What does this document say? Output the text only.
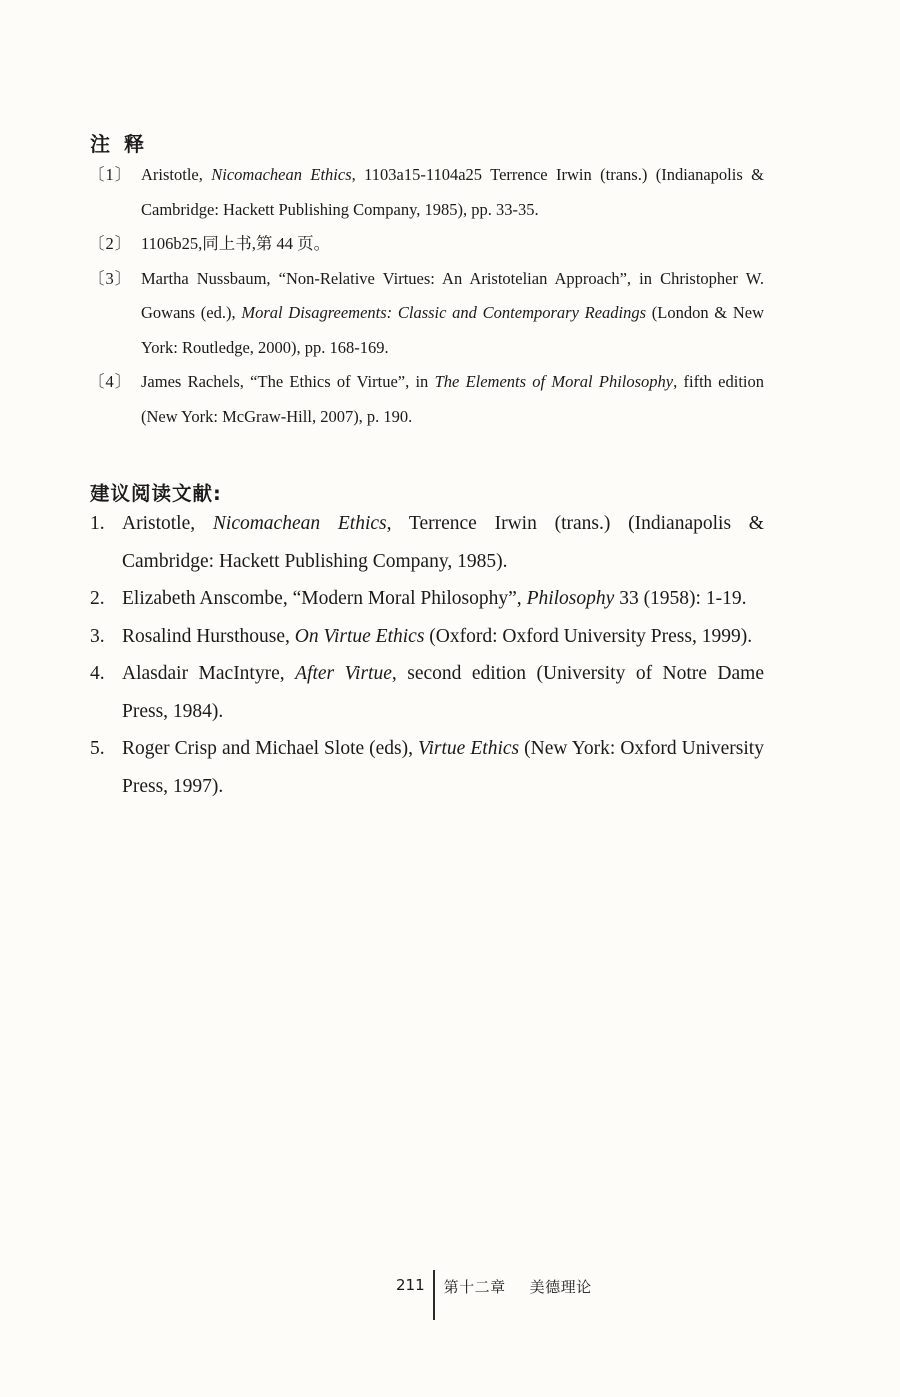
注释
〔1〕 Aristotle, Nicomachean Ethics, 1103a15-1104a25 Terrence Irwin (trans.) (Indianapolis & Cambridge: Hackett Publishing Company, 1985), pp. 33-35.
〔2〕 1106b25,同上书,第 44 页。
〔3〕 Martha Nussbaum, “Non-Relative Virtues: An Aristotelian Approach”, in Christopher W. Gowans (ed.), Moral Disagreements: Classic and Contemporary Readings (London & New York: Routledge, 2000), pp. 168-169.
〔4〕 James Rachels, “The Ethics of Virtue”, in The Elements of Moral Philosophy, fifth edition (New York: McGraw-Hill, 2007), p. 190.
建议阅读文献:
1. Aristotle, Nicomachean Ethics, Terrence Irwin (trans.) (Indianapolis & Cambridge: Hackett Publishing Company, 1985).
2. Elizabeth Anscombe, “Modern Moral Philosophy”, Philosophy 33 (1958): 1-19.
3. Rosalind Hursthouse, On Virtue Ethics (Oxford: Oxford University Press, 1999).
4. Alasdair MacIntyre, After Virtue, second edition (University of Notre Dame Press, 1984).
5. Roger Crisp and Michael Slote (eds), Virtue Ethics (New York: Oxford University Press, 1997).
211 第十二章 美德理论
